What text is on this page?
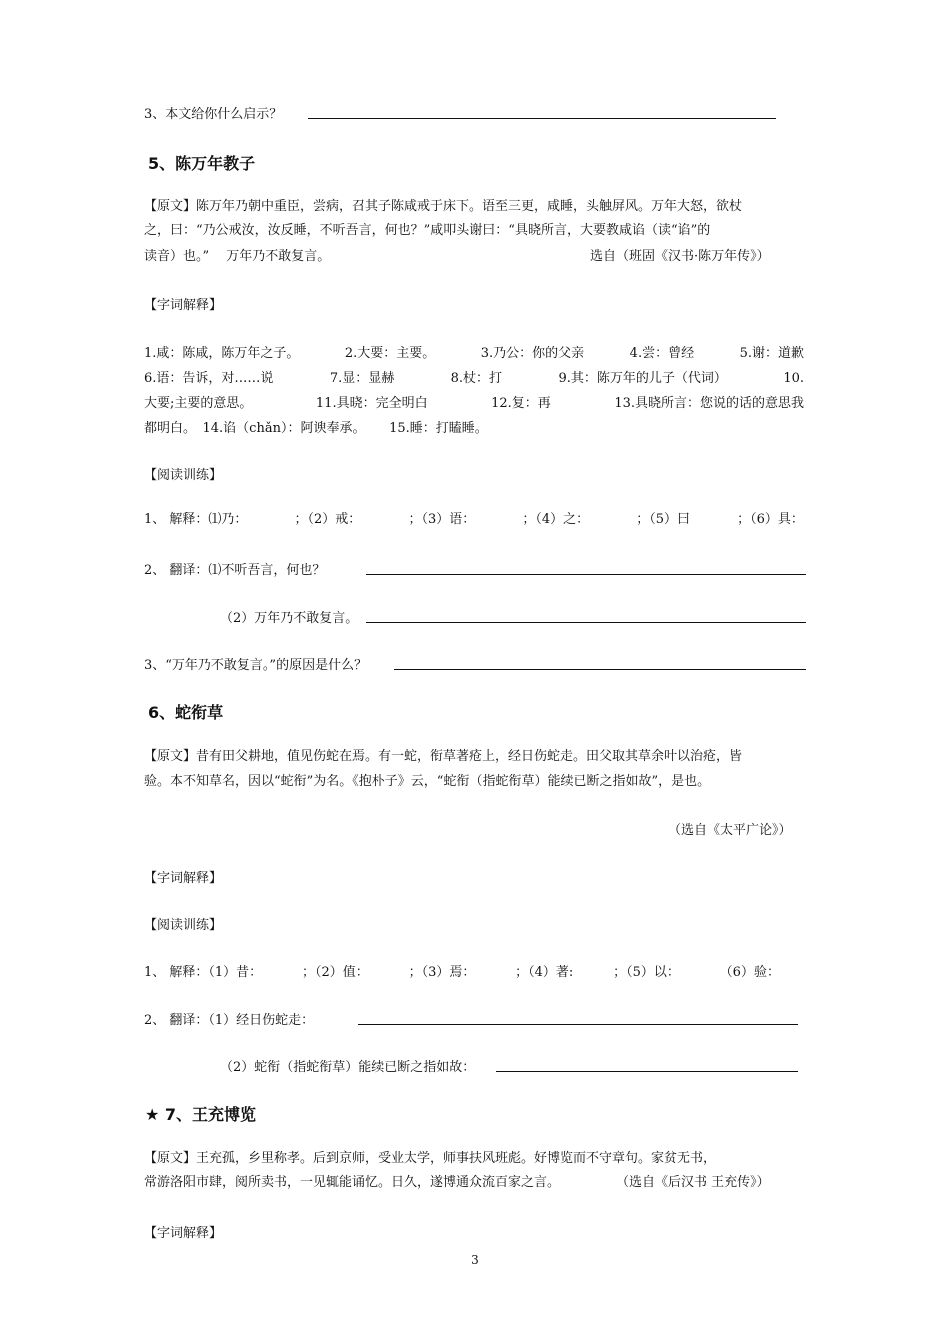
3、本文给你什么启示？
5、陈万年教子
【原文】陈万年乃朝中重臣，尝病，召其子陈咸戒于床下。语至三更，咸睡，头触屏风。万年大怒，欲杖
之，曰：“乃公戒汝，汝反睡，不听吾言，何也？”咸叩头谢曰：“具晓所言，大要教咸谄（读“谄”的
读音）也。”　 万年乃不敢复言。	选自（班固《汉书·陈万年传》）
【字词解释】
1.咸：陈咸，陈万年之子。	2.大要：主要。	3.乃公：你的父亲	4.尝：曾经	5.谢：道歉
6.语：告诉，对……说	7.显：显赫	8.杖：打	9.其：陈万年的儿子（代词）	10.
大要;主要的意思。	11.具晓：完全明白	12.复：再	13.具晓所言：您说的话的意思我
都明白。　14.谄（chǎn）：阿谀奉承。　　 15.睡：打瞌睡。
【阅读训练】
1、 解释：⑴乃：	；（2）戒：	；（3）语：	；（4）之：	；（5）曰	；（6）具：
2、 翻译：⑴不听吾言，何也？
（2）万年乃不敢复言。
3、“万年乃不敢复言。”的原因是什么？
6、蛇衔草
【原文】昔有田父耕地，值见伤蛇在焉。有一蛇，衔草著疮上，经日伤蛇走。田父取其草余叶以治疮，皆
验。本不知草名，因以“蛇衔”为名。《抱朴子》云，“蛇衔（指蛇衔草）能续已断之指如故”，是也。
（选自《太平广论》）
【字词解释】
【阅读训练】
1、 解释：（1）昔：	；（2）值：	；（3）焉：	；（4）著:	；（5）以：	（6）验：
2、 翻译：（1）经日伤蛇走：
（2）蛇衔（指蛇衔草）能续已断之指如故：
★ 7、王充博览
【原文】王充孤，乡里称孝。后到京师，受业太学，师事扶风班彪。好博览而不守章句。家贫无书，
常游洛阳市肆，阅所卖书，一见辄能诵忆。日久，遂博通众流百家之言。	（选自《后汉书 王充传》）
【字词解释】
3
